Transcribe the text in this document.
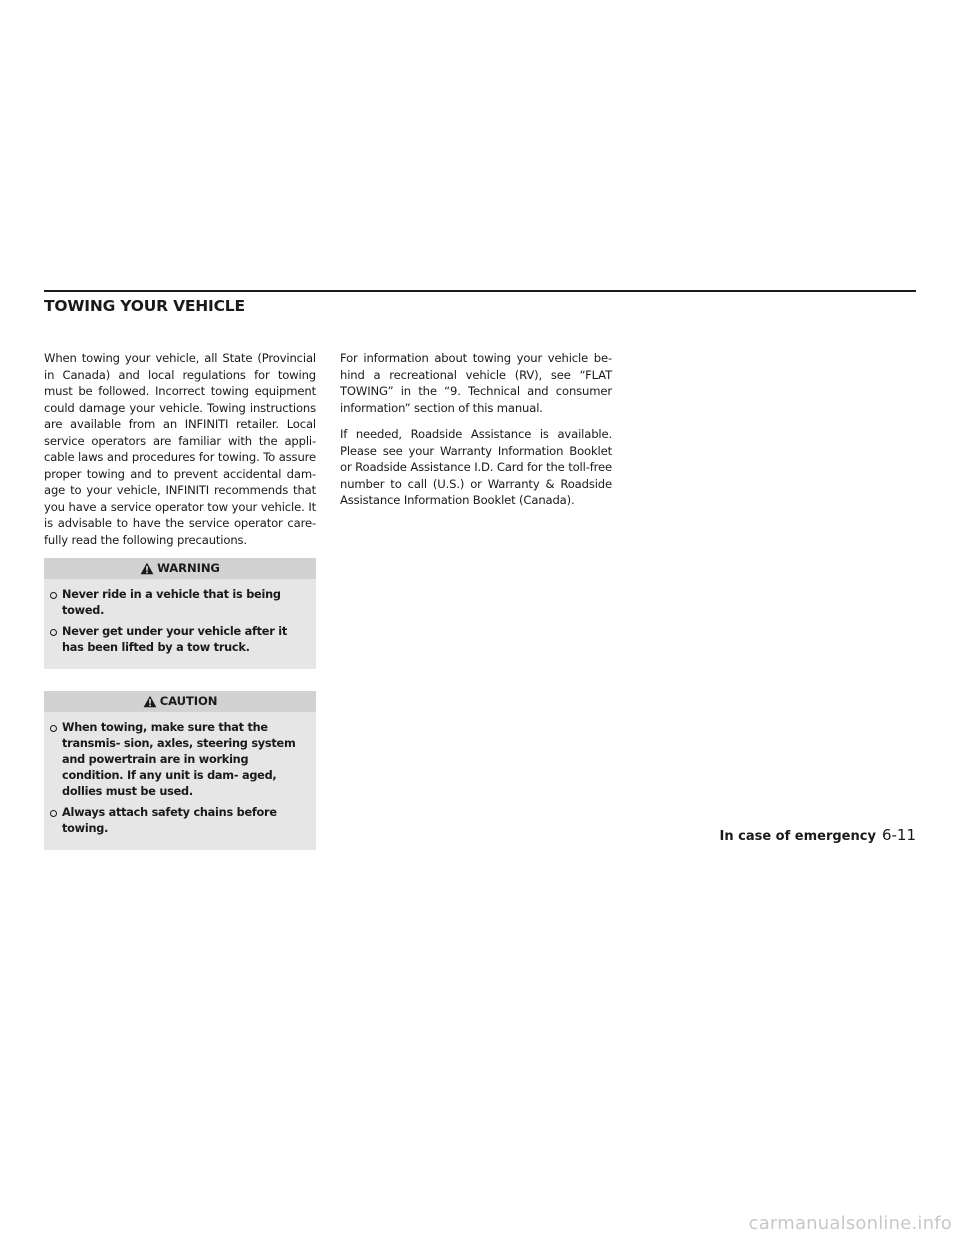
TOWING YOUR VEHICLE

When towing your vehicle, all State (Provincial in Canada) and local regulations for towing must be followed. Incorrect towing equipment could damage your vehicle. Towing instructions are available from an INFINITI retailer. Local service operators are familiar with the appli- cable laws and procedures for towing. To assure proper towing and to prevent accidental dam- age to your vehicle, INFINITI recommends that you have a service operator tow your vehicle. It is advisable to have the service operator care- fully read the following precautions.

WARNING
Never ride in a vehicle that is being towed.
Never get under your vehicle after it has been lifted by a tow truck.
CAUTION
When towing, make sure that the transmis- sion, axles, steering system and powertrain are in working condition. If any unit is dam- aged, dollies must be used.
Always attach safety chains before towing.

For information about towing your vehicle be- hind a recreational vehicle (RV), see “FLAT TOWING” in the “9. Technical and consumer information” section of this manual.

If needed, Roadside Assistance is available. Please see your Warranty Information Booklet or Roadside Assistance I.D. Card for the toll-free number to call (U.S.) or Warranty & Roadside Assistance Information Booklet (Canada).

In case of emergency 6-11
carmanualsonline.info
